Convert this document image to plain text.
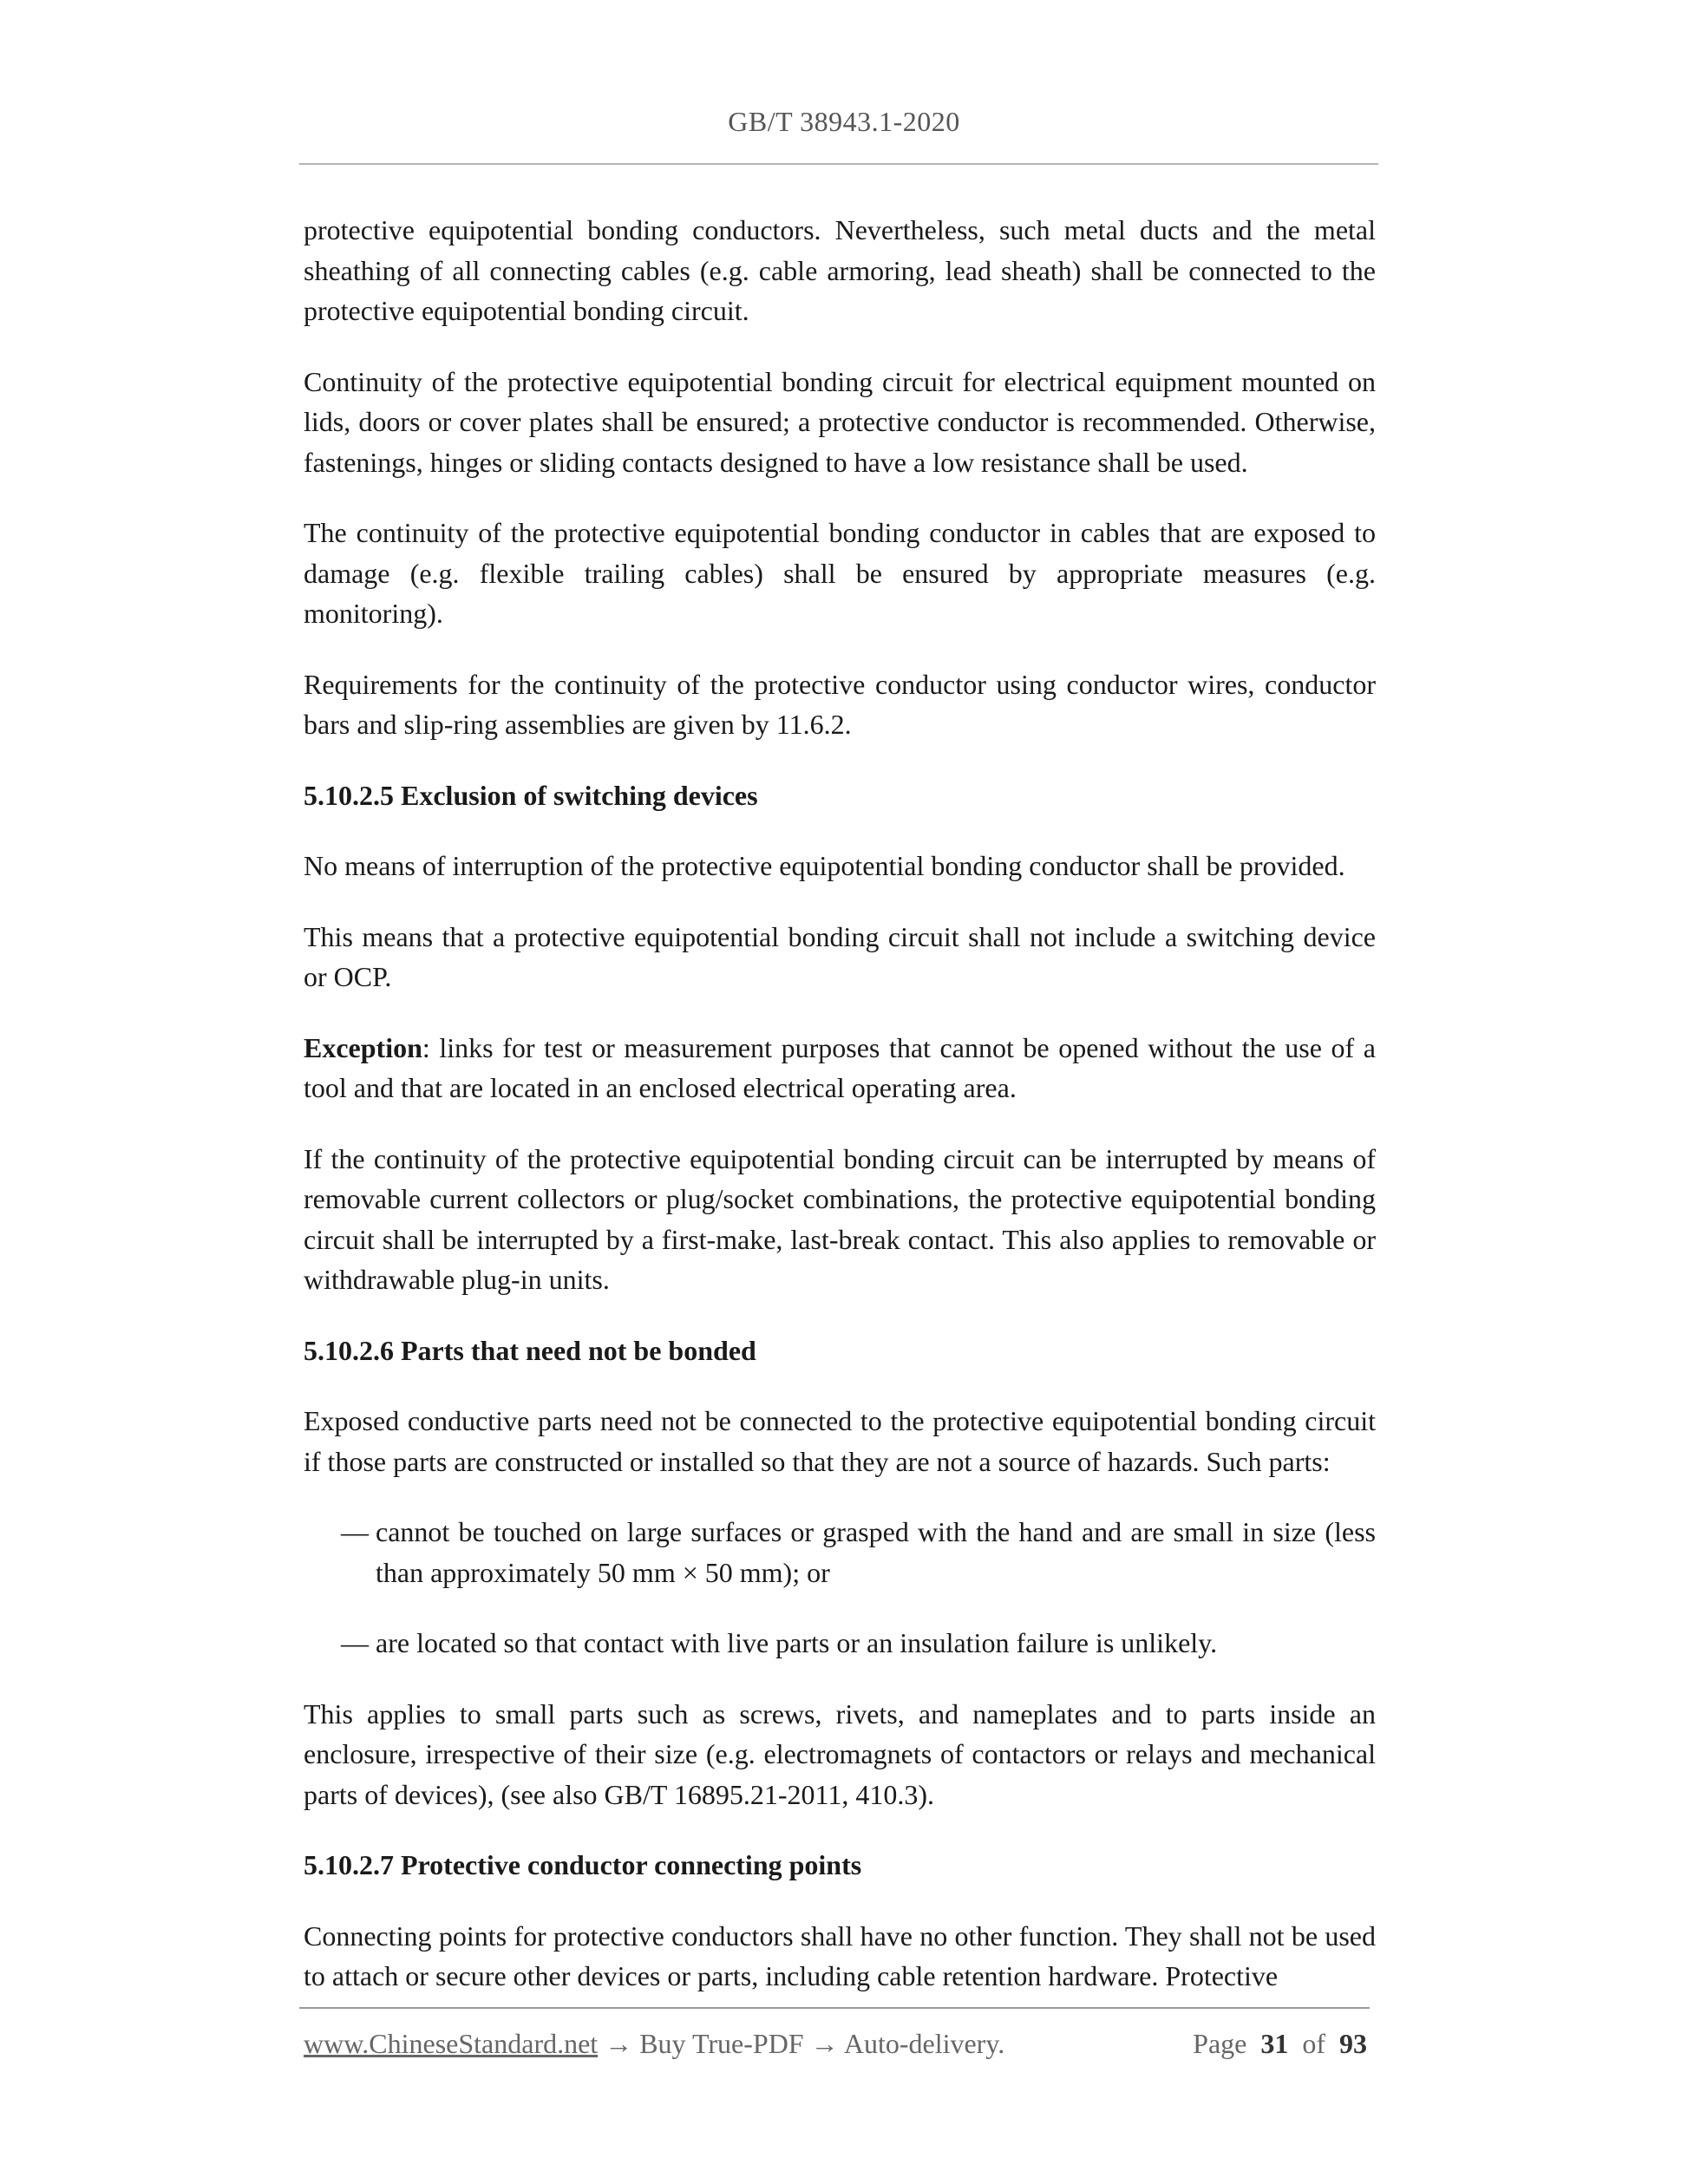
GB/T 38943.1-2020

protective equipotential bonding conductors. Nevertheless, such metal ducts and the metal sheathing of all connecting cables (e.g. cable armoring, lead sheath) shall be connected to the protective equipotential bonding circuit.

Continuity of the protective equipotential bonding circuit for electrical equipment mounted on lids, doors or cover plates shall be ensured; a protective conductor is recommended. Otherwise, fastenings, hinges or sliding contacts designed to have a low resistance shall be used.

The continuity of the protective equipotential bonding conductor in cables that are exposed to damage (e.g. flexible trailing cables) shall be ensured by appropriate measures (e.g. monitoring).

Requirements for the continuity of the protective conductor using conductor wires, conductor bars and slip-ring assemblies are given by 11.6.2.

5.10.2.5 Exclusion of switching devices

No means of interruption of the protective equipotential bonding conductor shall be provided.

This means that a protective equipotential bonding circuit shall not include a switching device or OCP.

Exception: links for test or measurement purposes that cannot be opened without the use of a tool and that are located in an enclosed electrical operating area.

If the continuity of the protective equipotential bonding circuit can be interrupted by means of removable current collectors or plug/socket combinations, the protective equipotential bonding circuit shall be interrupted by a first-make, last-break contact. This also applies to removable or withdrawable plug-in units.

5.10.2.6 Parts that need not be bonded

Exposed conductive parts need not be connected to the protective equipotential bonding circuit if those parts are constructed or installed so that they are not a source of hazards. Such parts:

— cannot be touched on large surfaces or grasped with the hand and are small in size (less than approximately 50 mm × 50 mm); or
— are located so that contact with live parts or an insulation failure is unlikely.

This applies to small parts such as screws, rivets, and nameplates and to parts inside an enclosure, irrespective of their size (e.g. electromagnets of contactors or relays and mechanical parts of devices), (see also GB/T 16895.21-2011, 410.3).

5.10.2.7 Protective conductor connecting points

Connecting points for protective conductors shall have no other function. They shall not be used to attach or secure other devices or parts, including cable retention hardware. Protective

www.ChineseStandard.net → Buy True-PDF → Auto-delivery.	Page 31 of 93
